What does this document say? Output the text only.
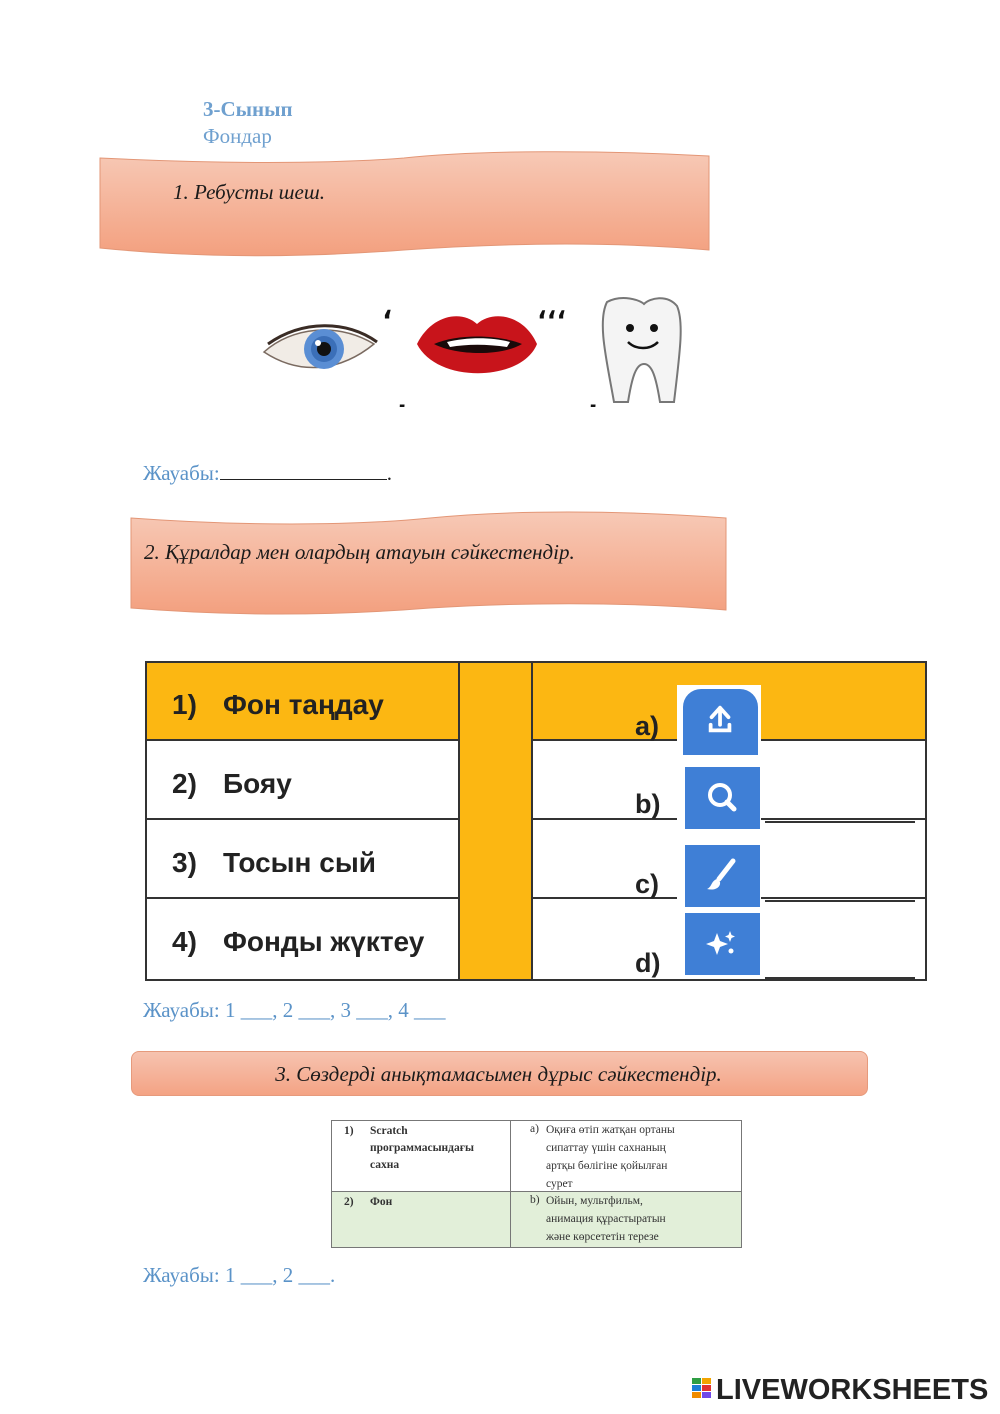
3-Сынып
Фондар
1. Ребусты шеш.
،
,
،،،
,
Жауабы:	.
2. Құралдар мен олардың атауын сәйкестендір.
1) Фон таңдау
2) Бояу
3) Тосын сый
4) Фонды жүктеу
a)
b)
c)
d)
Жауабы: 1 ___, 2 ___, 3 ___, 4 ___
3. Сөздерді анықтамасымен дұрыс сәйкестендір.
1) Scratch
программасындағы
сахна
a) Оқиға өтіп жатқан ортаны
сипаттау үшін сахнаның
артқы бөлігіне қойылған
сурет
2) Фон	b) Ойын, мультфильм,
анимация құрастыратын
және көрсететін терезе
Жауабы: 1 ___, 2 ___.
LIVEWORKSHEETS
